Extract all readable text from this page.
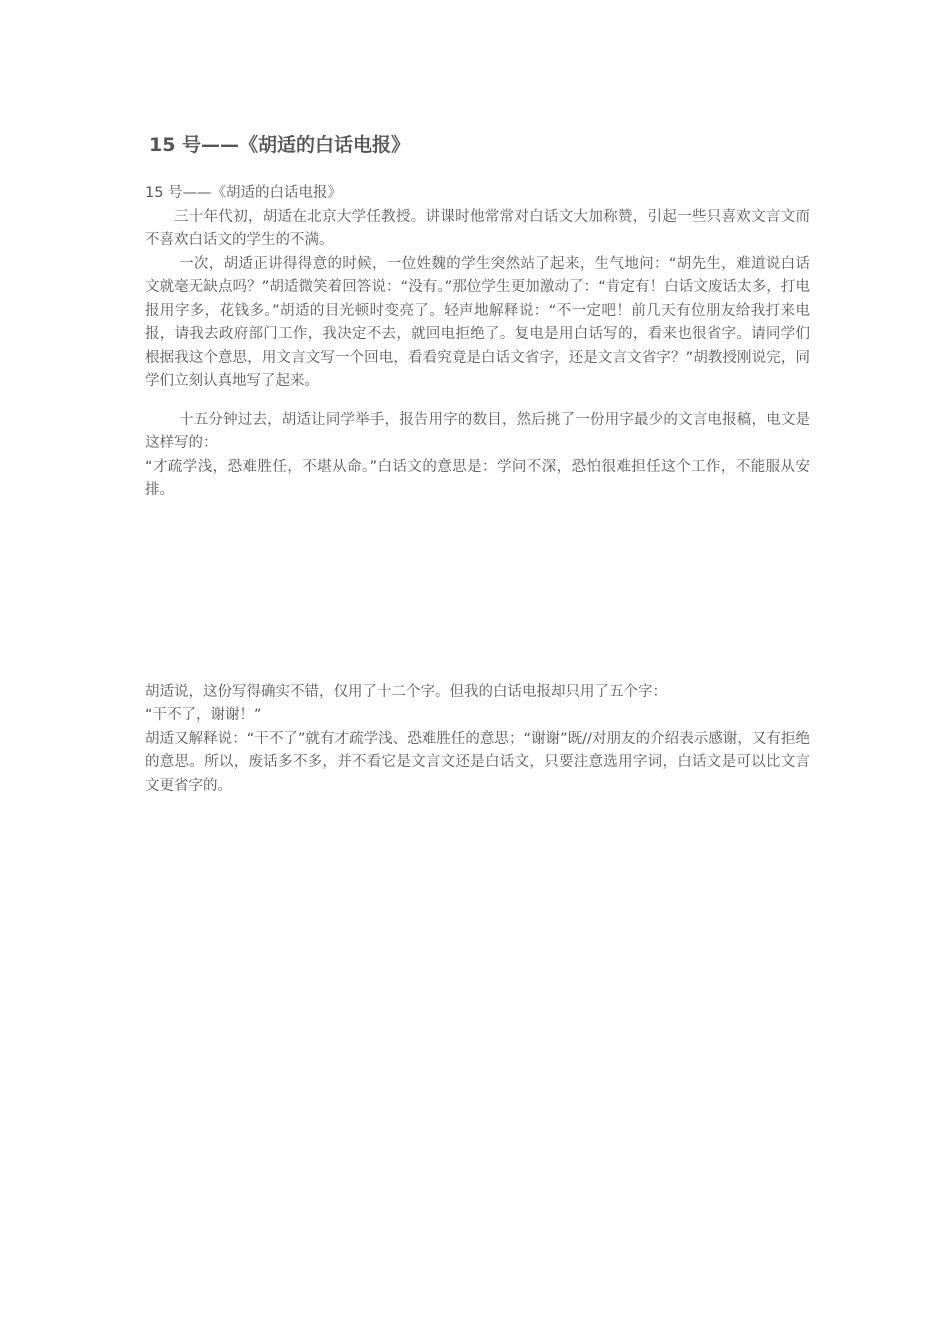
15 号——《胡适的白话电报》

15 号——《胡适的白话电报》

三十年代初，胡适在北京大学任教授。讲课时他常常对白话文大加称赞，引起一些只喜欢文言文而不喜欢白话文的学生的不满。

一次，胡适正讲得得意的时候，一位姓魏的学生突然站了起来，生气地问：“胡先生，难道说白话文就毫无缺点吗？”胡适微笑着回答说：“没有。”那位学生更加激动了：“肯定有！白话文废话太多，打电报用字多，花钱多。”胡适的目光顿时变亮了。轻声地解释说：“不一定吧！前几天有位朋友给我打来电报，请我去政府部门工作，我决定不去，就回电拒绝了。复电是用白话写的，看来也很省字。请同学们根据我这个意思，用文言文写一个回电，看看究竟是白话文省字，还是文言文省字？”胡教授刚说完，同学们立刻认真地写了起来。

十五分钟过去，胡适让同学举手，报告用字的数目，然后挑了一份用字最少的文言电报稿，电文是这样写的：

“才疏学浅，恐难胜任，不堪从命。”白话文的意思是：学问不深，恐怕很难担任这个工作，不能服从安排。

胡适说，这份写得确实不错，仅用了十二个字。但我的白话电报却只用了五个字：

“干不了，谢谢！”

胡适又解释说：“干不了”就有才疏学浅、恐难胜任的意思；“谢谢”既//对朋友的介绍表示感谢，又有拒绝的意思。所以，废话多不多，并不看它是文言文还是白话文，只要注意选用字词，白话文是可以比文言文更省字的。
